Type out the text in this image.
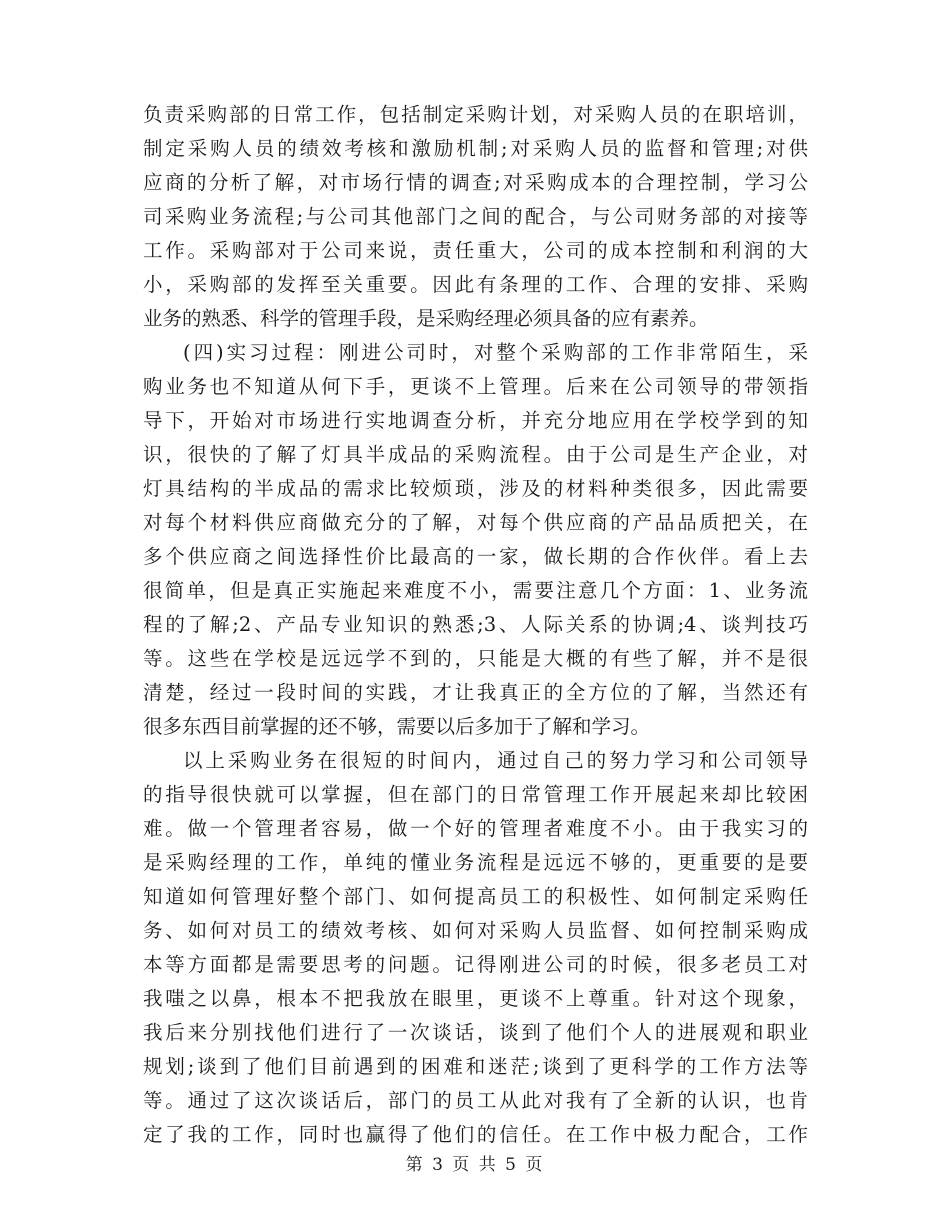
负责采购部的日常工作，包括制定采购计划，对采购人员的在职培训，
制定采购人员的绩效考核和激励机制;对采购人员的监督和管理;对供
应商的分析了解，对市场行情的调查;对采购成本的合理控制，学习公
司采购业务流程;与公司其他部门之间的配合，与公司财务部的对接等
工作。采购部对于公司来说，责任重大，公司的成本控制和利润的大
小，采购部的发挥至关重要。因此有条理的工作、合理的安排、采购
业务的熟悉、科学的管理手段，是采购经理必须具备的应有素养。
(四)实习过程：刚进公司时，对整个采购部的工作非常陌生，采
购业务也不知道从何下手，更谈不上管理。后来在公司领导的带领指
导下，开始对市场进行实地调查分析，并充分地应用在学校学到的知
识，很快的了解了灯具半成品的采购流程。由于公司是生产企业，对
灯具结构的半成品的需求比较烦琐，涉及的材料种类很多，因此需要
对每个材料供应商做充分的了解，对每个供应商的产品品质把关，在
多个供应商之间选择性价比最高的一家，做长期的合作伙伴。看上去
很简单，但是真正实施起来难度不小，需要注意几个方面：1、业务流
程的了解;2、产品专业知识的熟悉;3、人际关系的协调;4、谈判技巧
等。这些在学校是远远学不到的，只能是大概的有些了解，并不是很
清楚，经过一段时间的实践，才让我真正的全方位的了解，当然还有
很多东西目前掌握的还不够，需要以后多加于了解和学习。
以上采购业务在很短的时间内，通过自己的努力学习和公司领导
的指导很快就可以掌握，但在部门的日常管理工作开展起来却比较困
难。做一个管理者容易，做一个好的管理者难度不小。由于我实习的
是采购经理的工作，单纯的懂业务流程是远远不够的，更重要的是要
知道如何管理好整个部门、如何提高员工的积极性、如何制定采购任
务、如何对员工的绩效考核、如何对采购人员监督、如何控制采购成
本等方面都是需要思考的问题。记得刚进公司的时候，很多老员工对
我嗤之以鼻，根本不把我放在眼里，更谈不上尊重。针对这个现象，
我后来分别找他们进行了一次谈话，谈到了他们个人的进展观和职业
规划;谈到了他们目前遇到的困难和迷茫;谈到了更科学的工作方法等
等。通过了这次谈话后，部门的员工从此对我有了全新的认识，也肯
定了我的工作，同时也赢得了他们的信任。在工作中极力配合，工作
第 3 页 共 5 页
